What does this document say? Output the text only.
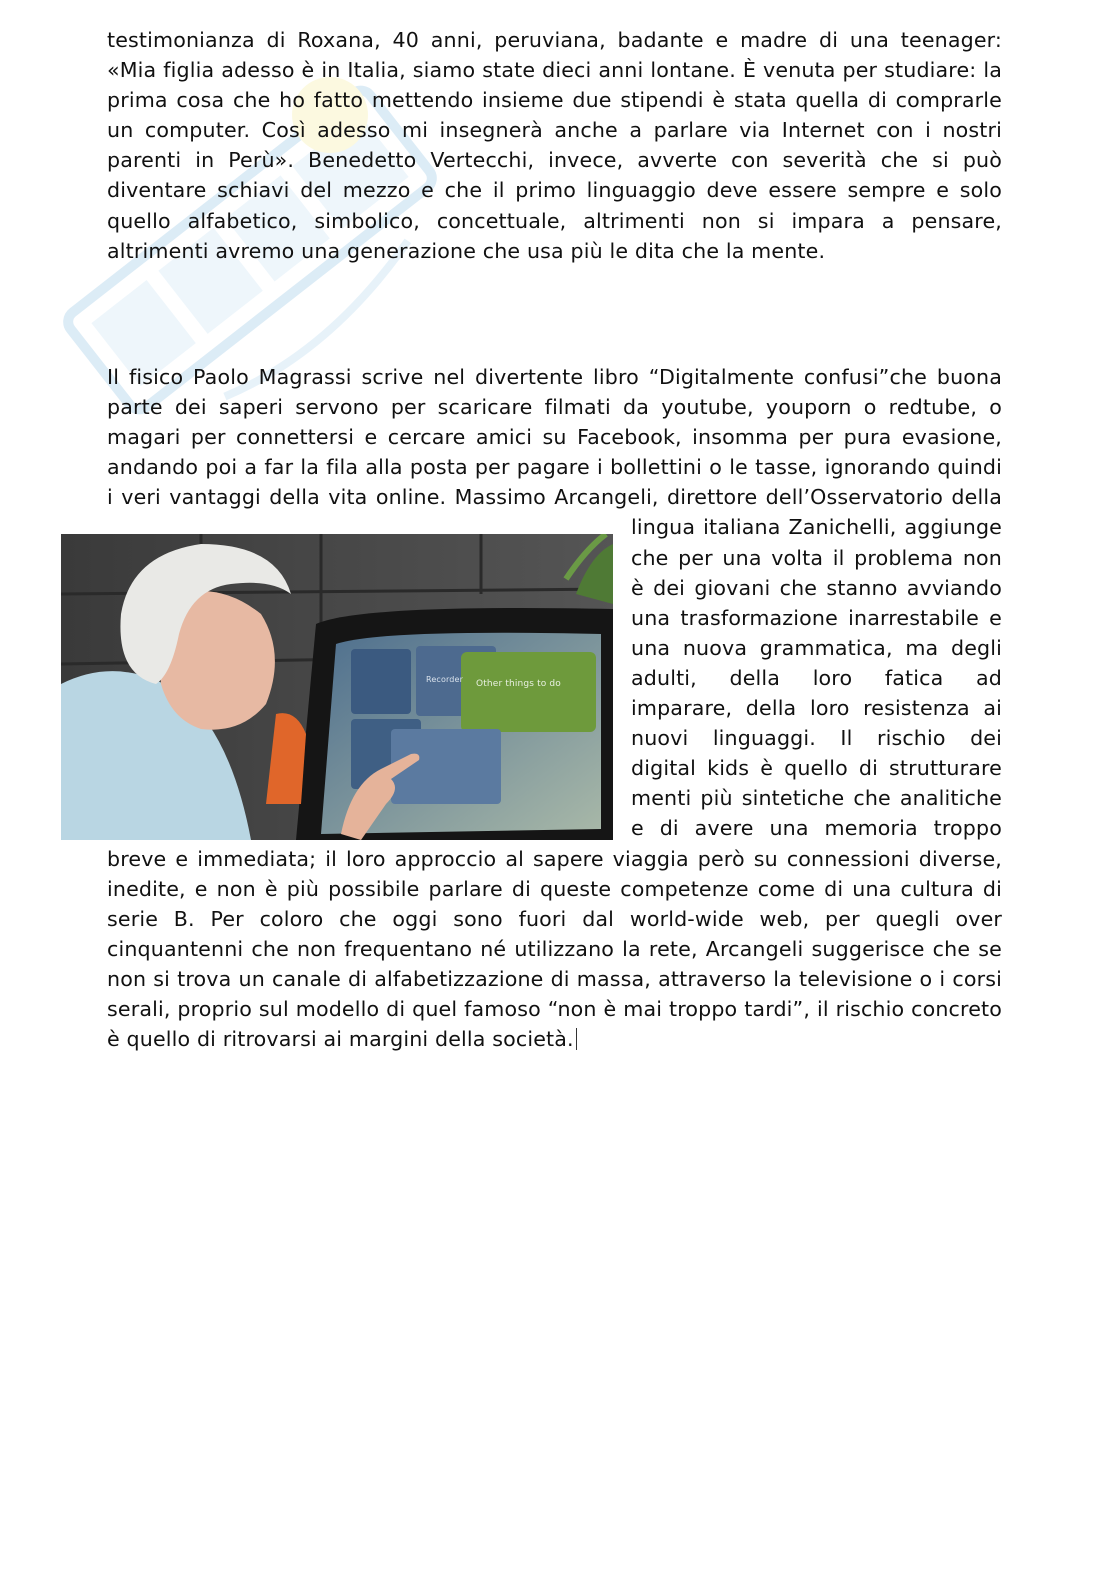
testimonianza di Roxana, 40 anni, peruviana, badante e madre di una teenager: «Mia figlia adesso è in Italia, siamo state dieci anni lontane. È venuta per studiare: la prima cosa che ho fatto mettendo insieme due stipendi è stata quella di comprarle un computer. Così adesso mi insegnerà anche a parlare via Internet con i nostri parenti in Perù». Benedetto Vertecchi, invece, avverte con severità che si può diventare schiavi del mezzo e che il primo linguaggio deve essere sempre e solo quello alfabetico, simbolico, concettuale, altrimenti non si impara a pensare, altrimenti avremo una generazione che usa più le dita che la mente.
Il fisico Paolo Magrassi scrive nel divertente libro “Digitalmente confusi”che buona parte dei saperi servono per scaricare filmati da youtube, youporn o redtube, o magari per connettersi e cercare amici su Facebook, insomma per pura evasione, andando poi a far la fila alla posta per pagare i bollettini o le tasse, ignorando quindi i veri vantaggi della vita online. Massimo Arcangeli,
Other things to do
Recorder
direttore dell’Osservatorio della lingua italiana Zanichelli, aggiunge che per una volta il problema non è dei giovani che stanno avviando una trasformazione inarrestabile e una nuova grammatica, ma degli adulti, della loro fatica ad imparare, della loro resistenza ai nuovi linguaggi. Il rischio dei digital kids è quello di strutturare menti più sintetiche che analitiche e di avere una memoria troppo breve e immediata; il loro approccio al sapere viaggia però su connessioni diverse, inedite, e non è più possibile parlare di queste competenze come di una cultura di serie B. Per coloro che oggi sono fuori dal world-wide web, per quegli over cinquantenni che non frequentano né utilizzano la rete, Arcangeli suggerisce che se non si trova un canale di alfabetizzazione di massa, attraverso la televisione o i corsi serali, proprio sul modello di quel famoso “non è mai troppo tardi”, il rischio concreto è quello di ritrovarsi ai margini della società.
